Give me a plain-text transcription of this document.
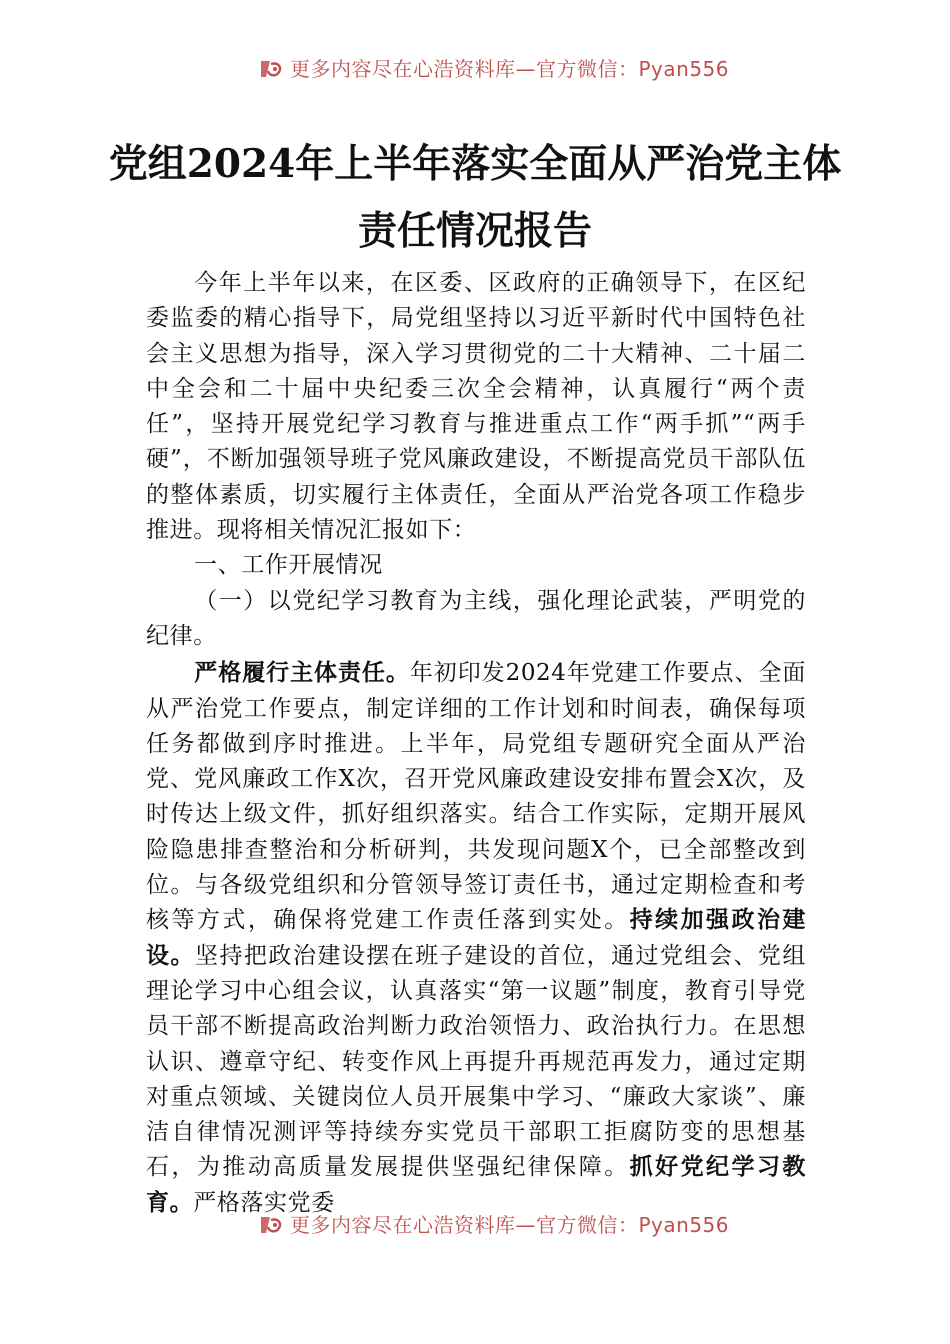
更多内容尽在心浩资料库—官方微信：Pyan556
党组2024年上半年落实全面从严治党主体
责任情况报告

今年上半年以来，在区委、区政府的正确领导下，在区纪委监委的精心指导下，局党组坚持以习近平新时代中国特色社会主义思想为指导，深入学习贯彻党的二十大精神、二十届二中全会和二十届中央纪委三次全会精神，认真履行“两个责任”，坚持开展党纪学习教育与推进重点工作“两手抓”“两手硬”，不断加强领导班子党风廉政建设，不断提高党员干部队伍的整体素质，切实履行主体责任，全面从严治党各项工作稳步推进。现将相关情况汇报如下：

一、工作开展情况

（一）以党纪学习教育为主线，强化理论武装，严明党的纪律。

严格履行主体责任。年初印发2024年党建工作要点、全面从严治党工作要点，制定详细的工作计划和时间表，确保每项任务都做到序时推进。上半年，局党组专题研究全面从严治党、党风廉政工作X次，召开党风廉政建设安排布置会X次，及时传达上级文件，抓好组织落实。结合工作实际，定期开展风险隐患排查整治和分析研判，共发现问题X个，已全部整改到位。与各级党组织和分管领导签订责任书，通过定期检查和考核等方式，确保将党建工作责任落到实处。持续加强政治建设。坚持把政治建设摆在班子建设的首位，通过党组会、党组理论学习中心组会议，认真落实“第一议题”制度，教育引导党员干部不断提高政治判断力政治领悟力、政治执行力。在思想认识、遵章守纪、转变作风上再提升再规范再发力，通过定期对重点领域、关键岗位人员开展集中学习、“廉政大家谈”、廉洁自律情况测评等持续夯实党员干部职工拒腐防变的思想基石，为推动高质量发展提供坚强纪律保障。抓好党纪学习教育。严格落实党委

更多内容尽在心浩资料库—官方微信：Pyan556
